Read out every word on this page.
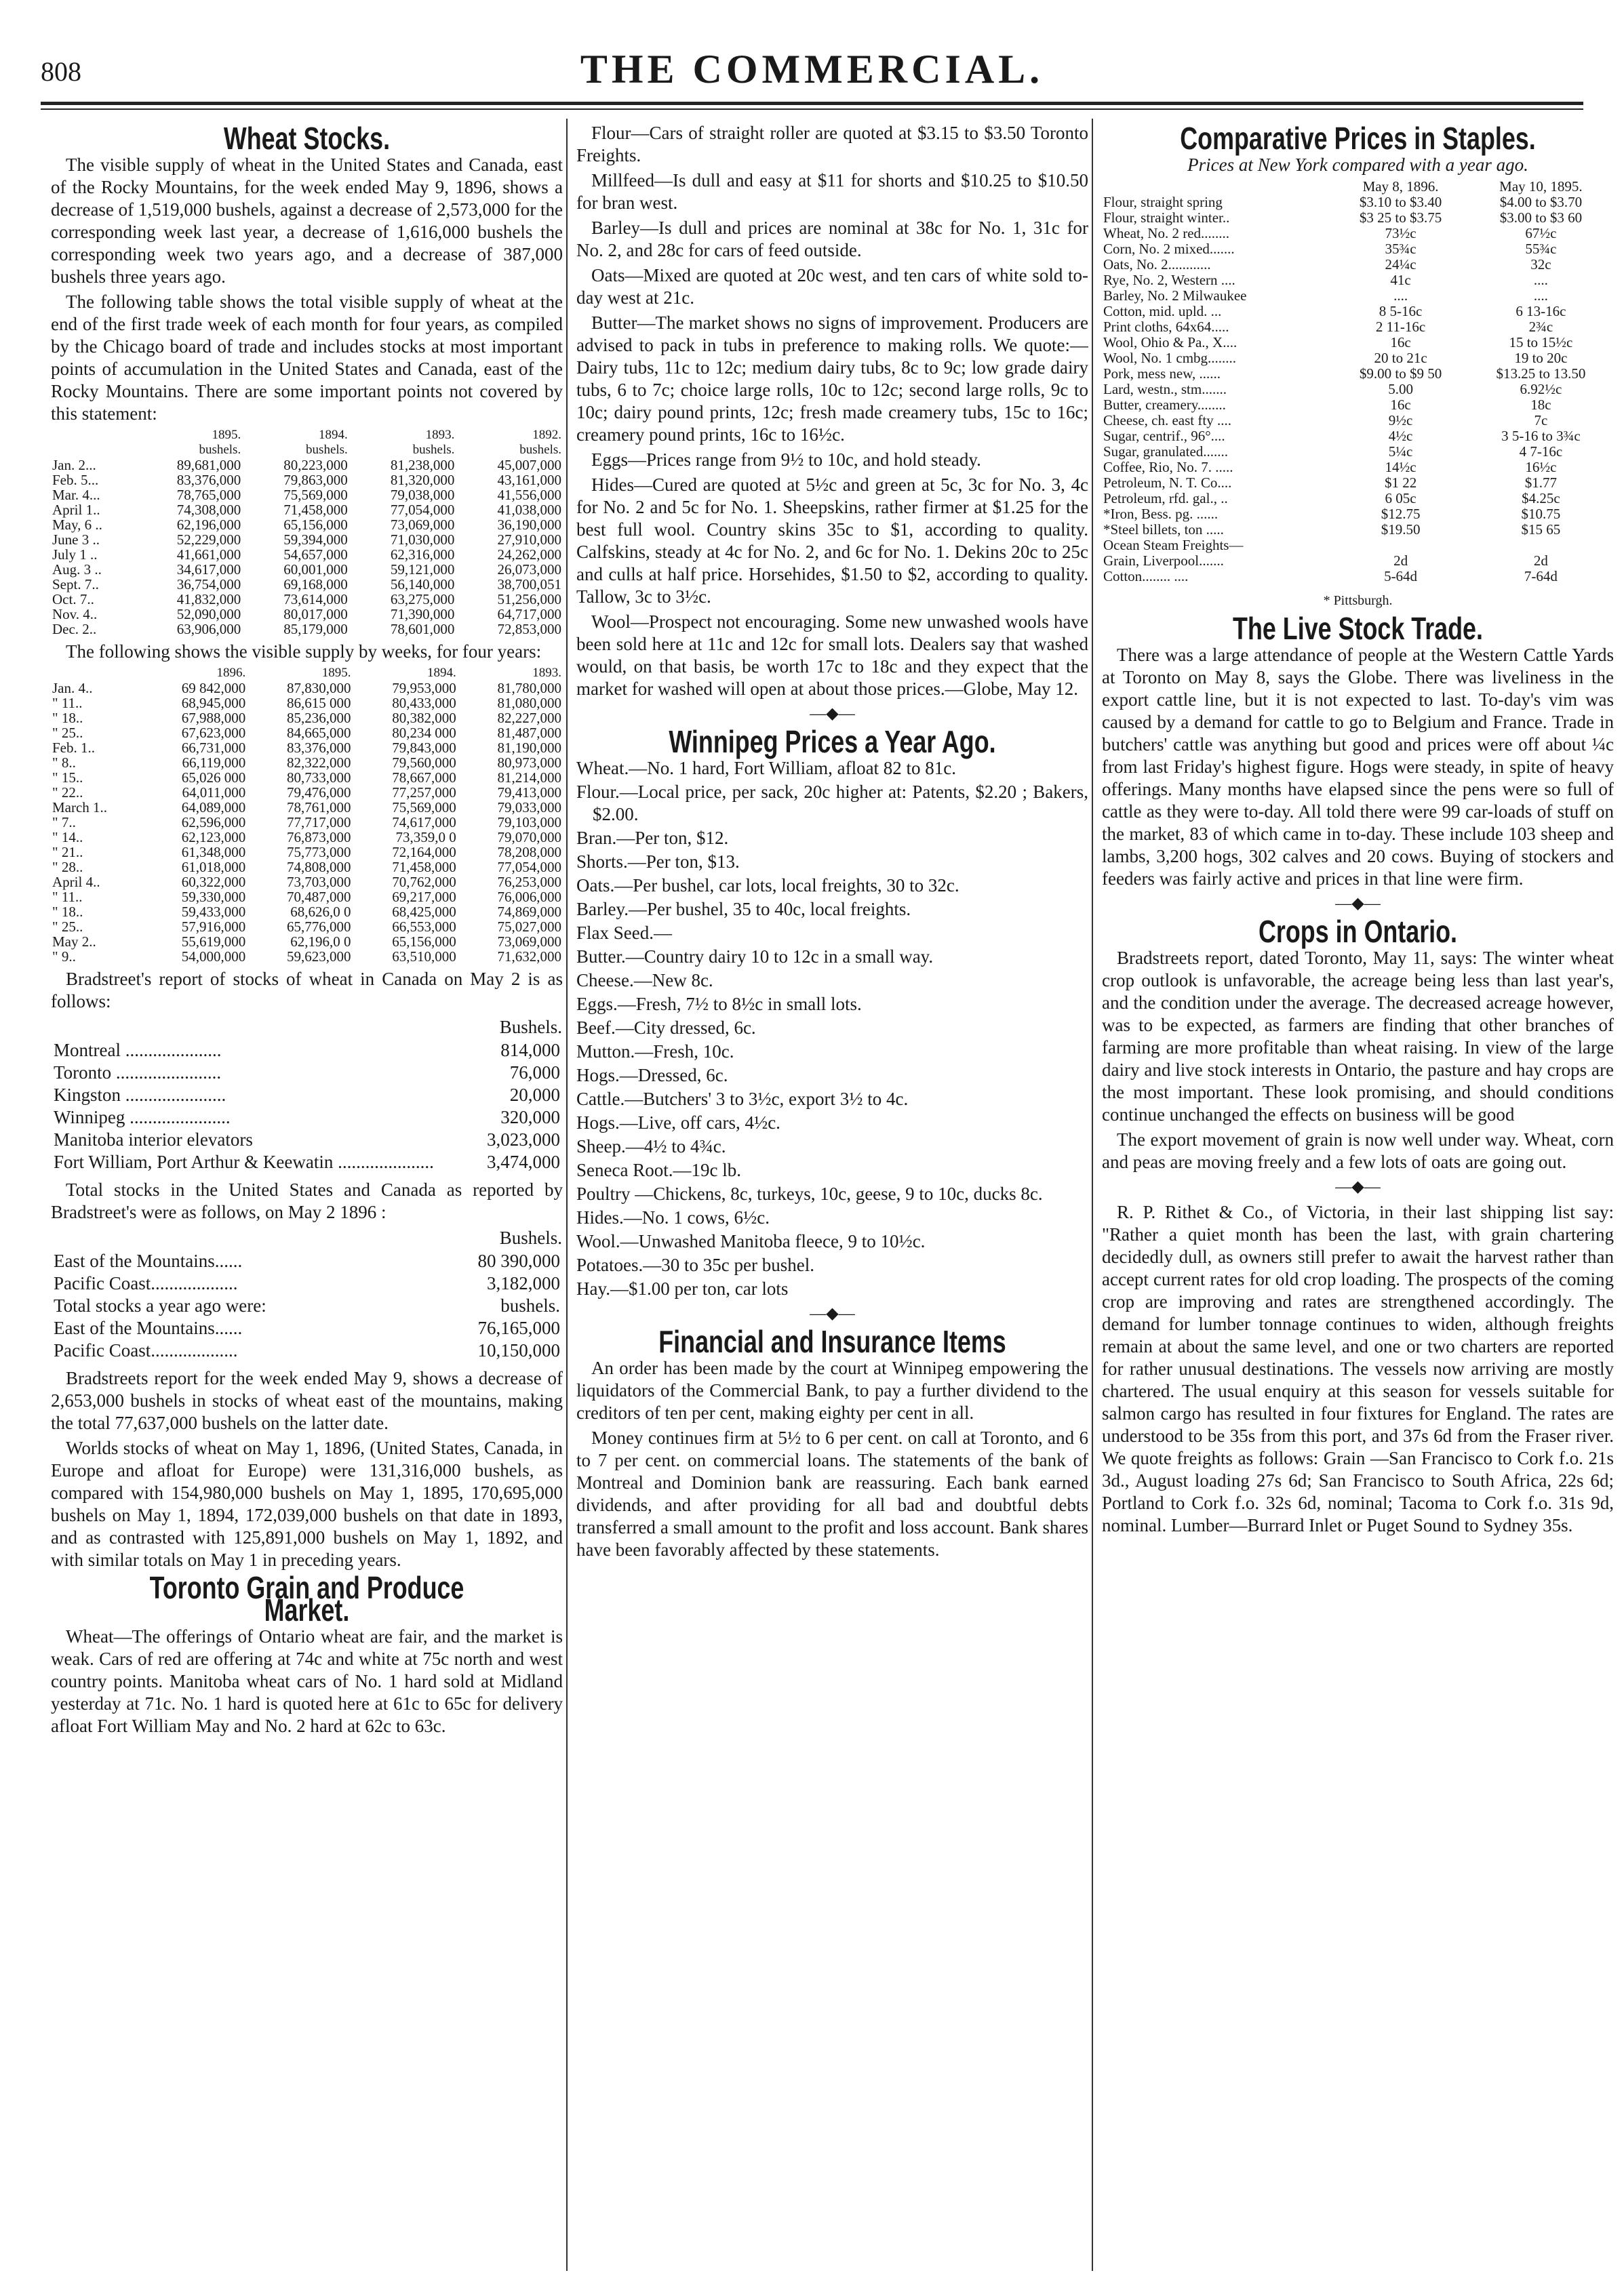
808	THE COMMERCIAL.
Wheat Stocks.

The visible supply of wheat in the United States and Canada, east of the Rocky Mountains, for the week ended May 9, 1896, shows a decrease of 1,519,000 bushels, against a decrease of 2,573,000 for the corresponding week last year, a decrease of 1,616,000 bushels the corresponding week two years ago, and a decrease of 387,000 bushels three years ago.

The following table shows the total visible supply of wheat at the end of the first trade week of each month for four years, as compiled by the Chicago board of trade and includes stocks at most important points of accumulation in the United States and Canada, east of the Rocky Mountains. There are some important points not covered by this statement:

	1895.	1894.	1893.	1892.
	bushels.	bushels.	bushels.	bushels.
Jan. 2...	89,681,000	80,223,000	81,238,000	45,007,000
Feb. 5...	83,376,000	79,863,000	81,320,000	43,161,000
Mar. 4...	78,765,000	75,569,000	79,038,000	41,556,000
April 1..	74,308,000	71,458,000	77,054,000	41,038,000
May, 6 ..	62,196,000	65,156,000	73,069,000	36,190,000
June 3 ..	52,229,000	59,394,000	71,030,000	27,910,000
July 1 ..	41,661,000	54,657,000	62,316,000	24,262,000
Aug. 3 ..	34,617,000	60,001,000	59,121,000	26,073,000
Sept. 7..	36,754,000	69,168,000	56,140,000	38,700,051
Oct. 7..	41,832,000	73,614,000	63,275,000	51,256,000
Nov. 4..	52,090,000	80,017,000	71,390,000	64,717,000
Dec. 2..	63,906,000	85,179,000	78,601,000	72,853,000

The following shows the visible supply by weeks, for four years:

	1896.	1895.	1894.	1893.
Jan. 4..	69 842,000	87,830,000	79,953,000	81,780,000
" 11..	68,945,000	86,615 000	80,433,000	81,080,000
" 18..	67,988,000	85,236,000	80,382,000	82,227,000
" 25..	67,623,000	84,665,000	80,234 000	81,487,000
Feb. 1..	66,731,000	83,376,000	79,843,000	81,190,000
" 8..	66,119,000	82,322,000	79,560,000	80,973,000
" 15..	65,026 000	80,733,000	78,667,000	81,214,000
" 22..	64,011,000	79,476,000	77,257,000	79,413,000
March 1..	64,089,000	78,761,000	75,569,000	79,033,000
" 7..	62,596,000	77,717,000	74,617,000	79,103,000
" 14..	62,123,000	76,873,000	73,359,0 0	79,070,000
" 21..	61,348,000	75,773,000	72,164,000	78,208,000
" 28..	61,018,000	74,808,000	71,458,000	77,054,000
April 4..	60,322,000	73,703,000	70,762,000	76,253,000
" 11..	59,330,000	70,487,000	69,217,000	76,006,000
" 18..	59,433,000	68,626,0 0	68,425,000	74,869,000
" 25..	57,916,000	65,776,000	66,553,000	75,027,000
May 2..	55,619,000	62,196,0 0	65,156,000	73,069,000
" 9..	54,000,000	59,623,000	63,510,000	71,632,000

Bradstreet's report of stocks of wheat in Canada on May 2 is as follows:

	Bushels.
Montreal .....................	814,000
Toronto .......................	76,000
Kingston ......................	20,000
Winnipeg ......................	320,000
Manitoba interior elevators	3,023,000
Fort William, Port Arthur & Keewatin .....................	3,474,000

Total stocks in the United States and Canada as reported by Bradstreet's were as follows, on May 2 1896 :

	Bushels.
East of the Mountains......	80 390,000
Pacific Coast...................	3,182,000
Total stocks a year ago were:	bushels.
East of the Mountains......	76,165,000
Pacific Coast...................	10,150,000

Bradstreets report for the week ended May 9, shows a decrease of 2,653,000 bushels in stocks of wheat east of the mountains, making the total 77,637,000 bushels on the latter date.

Worlds stocks of wheat on May 1, 1896, (United States, Canada, in Europe and afloat for Europe) were 131,316,000 bushels, as compared with 154,980,000 bushels on May 1, 1895, 170,695,000 bushels on May 1, 1894, 172,039,000 bushels on that date in 1893, and as contrasted with 125,891,000 bushels on May 1, 1892, and with similar totals on May 1 in preceding years.

Toronto Grain and Produce Market.

Wheat—The offerings of Ontario wheat are fair, and the market is weak. Cars of red are offering at 74c and white at 75c north and west country points. Manitoba wheat cars of No. 1 hard sold at Midland yesterday at 71c. No. 1 hard is quoted here at 61c to 65c for delivery afloat Fort William May and No. 2 hard at 62c to 63c.

Flour—Cars of straight roller are quoted at $3.15 to $3.50 Toronto Freights.

Millfeed—Is dull and easy at $11 for shorts and $10.25 to $10.50 for bran west.

Barley—Is dull and prices are nominal at 38c for No. 1, 31c for No. 2, and 28c for cars of feed outside.

Oats—Mixed are quoted at 20c west, and ten cars of white sold to-day west at 21c.

Butter—The market shows no signs of improvement. Producers are advised to pack in tubs in preference to making rolls. We quote:—Dairy tubs, 11c to 12c; medium dairy tubs, 8c to 9c; low grade dairy tubs, 6 to 7c; choice large rolls, 10c to 12c; second large rolls, 9c to 10c; dairy pound prints, 12c; fresh made creamery tubs, 15c to 16c; creamery pound prints, 16c to 16½c.

Eggs—Prices range from 9½ to 10c, and hold steady.

Hides—Cured are quoted at 5½c and green at 5c, 3c for No. 3, 4c for No. 2 and 5c for No. 1. Sheepskins, rather firmer at $1.25 for the best full wool. Country skins 35c to $1, according to quality. Calfskins, steady at 4c for No. 2, and 6c for No. 1. Dekins 20c to 25c and culls at half price. Horsehides, $1.50 to $2, according to quality. Tallow, 3c to 3½c.

Wool—Prospect not encouraging. Some new unwashed wools have been sold here at 11c and 12c for small lots. Dealers say that washed would, on that basis, be worth 17c to 18c and they expect that the market for washed will open at about those prices.—Globe, May 12.

—◆—
Winnipeg Prices a Year Ago.

Wheat.—No. 1 hard, Fort William, afloat 82 to 81c.

Flour.—Local price, per sack, 20c higher at: Patents, $2.20 ; Bakers, $2.00.

Bran.—Per ton, $12.

Shorts.—Per ton, $13.

Oats.—Per bushel, car lots, local freights, 30 to 32c.

Barley.—Per bushel, 35 to 40c, local freights.

Flax Seed.—

Butter.—Country dairy 10 to 12c in a small way.

Cheese.—New 8c.

Eggs.—Fresh, 7½ to 8½c in small lots.

Beef.—City dressed, 6c.

Mutton.—Fresh, 10c.

Hogs.—Dressed, 6c.

Cattle.—Butchers' 3 to 3½c, export 3½ to 4c.

Hogs.—Live, off cars, 4½c.

Sheep.—4½ to 4¾c.

Seneca Root.—19c lb.

Poultry —Chickens, 8c, turkeys, 10c, geese, 9 to 10c, ducks 8c.

Hides.—No. 1 cows, 6½c.

Wool.—Unwashed Manitoba fleece, 9 to 10½c.

Potatoes.—30 to 35c per bushel.

Hay.—$1.00 per ton, car lots

—◆—
Financial and Insurance Items

An order has been made by the court at Winnipeg empowering the liquidators of the Commercial Bank, to pay a further dividend to the creditors of ten per cent, making eighty per cent in all.

Money continues firm at 5½ to 6 per cent. on call at Toronto, and 6 to 7 per cent. on commercial loans. The statements of the bank of Montreal and Dominion bank are reassuring. Each bank earned dividends, and after providing for all bad and doubtful debts transferred a small amount to the profit and loss account. Bank shares have been favorably affected by these statements.

Comparative Prices in Staples.

Prices at New York compared with a year ago.

	May 8, 1896.	May 10, 1895.
Flour, straight spring	$3.10 to $3.40	$4.00 to $3.70
Flour, straight winter..	$3 25 to $3.75	$3.00 to $3 60
Wheat, No. 2 red........	73½c	67½c
Corn, No. 2 mixed.......	35¾c	55¾c
Oats, No. 2............	24¼c	32c
Rye, No. 2, Western ....	41c	....
Barley, No. 2 Milwaukee	....	....
Cotton, mid. upld. ...	8 5-16c	6 13-16c
Print cloths, 64x64.....	2 11-16c	2¾c
Wool, Ohio & Pa., X....	16c	15 to 15½c
Wool, No. 1 cmbg........	20 to 21c	19 to 20c
Pork, mess new, ......	$9.00 to $9 50	$13.25 to 13.50
Lard, westn., stm.......	5.00	6.92½c
Butter, creamery........	16c	18c
Cheese, ch. east fty ....	9½c	7c
Sugar, centrif., 96°....	4½c	3 5-16 to 3¾c
Sugar, granulated.......	5¼c	4 7-16c
Coffee, Rio, No. 7. .....	14½c	16½c
Petroleum, N. T. Co....	$1 22	$1.77
Petroleum, rfd. gal., ..	6 05c	$4.25c
*Iron, Bess. pg. ......	$12.75	$10.75
*Steel billets, ton .....	$19.50	$15 65
Ocean Steam Freights—		
Grain, Liverpool.......	2d	2d
Cotton........ ....	5-64d	7-64d
* Pittsburgh.
The Live Stock Trade.

There was a large attendance of people at the Western Cattle Yards at Toronto on May 8, says the Globe. There was liveliness in the export cattle line, but it is not expected to last. To-day's vim was caused by a demand for cattle to go to Belgium and France. Trade in butchers' cattle was anything but good and prices were off about ¼c from last Friday's highest figure. Hogs were steady, in spite of heavy offerings. Many months have elapsed since the pens were so full of cattle as they were to-day. All told there were 99 car-loads of stuff on the market, 83 of which came in to-day. These include 103 sheep and lambs, 3,200 hogs, 302 calves and 20 cows. Buying of stockers and feeders was fairly active and prices in that line were firm.

—◆—
Crops in Ontario.

Bradstreets report, dated Toronto, May 11, says: The winter wheat crop outlook is unfavorable, the acreage being less than last year's, and the condition under the average. The decreased acreage however, was to be expected, as farmers are finding that other branches of farming are more profitable than wheat raising. In view of the large dairy and live stock interests in Ontario, the pasture and hay crops are the most important. These look promising, and should conditions continue unchanged the effects on business will be good

The export movement of grain is now well under way. Wheat, corn and peas are moving freely and a few lots of oats are going out.

—◆—

R. P. Rithet & Co., of Victoria, in their last shipping list say: "Rather a quiet month has been the last, with grain chartering decidedly dull, as owners still prefer to await the harvest rather than accept current rates for old crop loading. The prospects of the coming crop are improving and rates are strengthened accordingly. The demand for lumber tonnage continues to widen, although freights remain at about the same level, and one or two charters are reported for rather unusual destinations. The vessels now arriving are mostly chartered. The usual enquiry at this season for vessels suitable for salmon cargo has resulted in four fixtures for England. The rates are understood to be 35s from this port, and 37s 6d from the Fraser river. We quote freights as follows: Grain —San Francisco to Cork f.o. 21s 3d., August loading 27s 6d; San Francisco to South Africa, 22s 6d; Portland to Cork f.o. 32s 6d, nominal; Tacoma to Cork f.o. 31s 9d, nominal. Lumber—Burrard Inlet or Puget Sound to Sydney 35s.
